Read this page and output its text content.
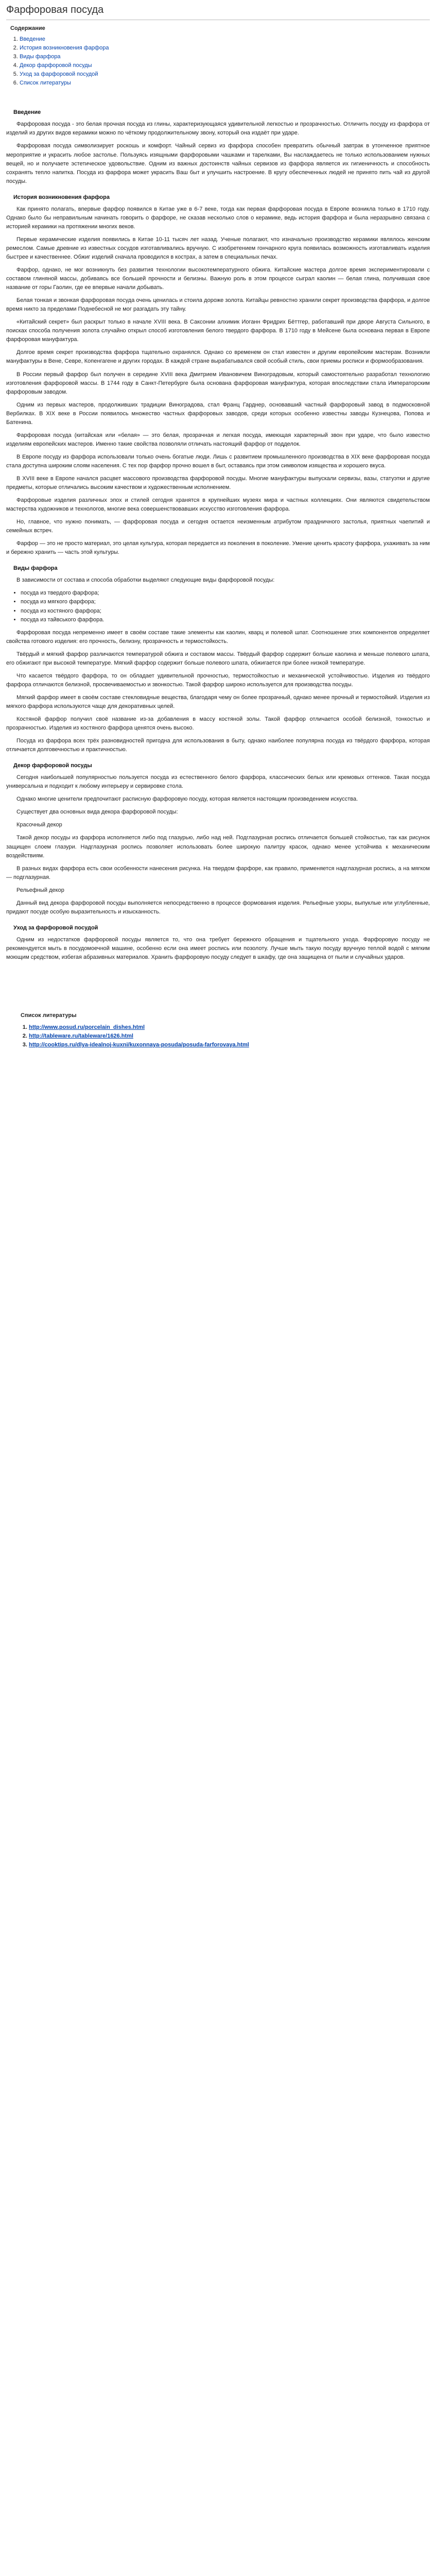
Фарфоровая посуда
Содержание
1. Введение
2. История возникновения фарфора
3. Виды фарфора
4. Декор фарфоровой посуды
5. Уход за фарфоровой посудой
6. Список литературы
Введение

Фарфоровая посуда - это белая прочная посуда из глины, характеризующаяся удивительной легкостью и прозрачностью. Отличить посуду из фарфора от изделий из других видов керамики можно по чёткому продолжительному звону, который она издаёт при ударе.

Фарфоровая посуда символизирует роскошь и комфорт. Чайный сервиз из фарфора способен превратить обычный завтрак в утонченное приятное мероприятие и украсить любое застолье. Пользуясь изящными фарфоровыми чашками и тарелками, Вы наслаждаетесь не только использованием нужных вещей, но и получаете эстетическое удовольствие. Одним из важных достоинств чайных сервизов из фарфора является их гигиеничность и способность сохранять тепло напитка. Посуда из фарфора может украсить Ваш быт и улучшить настроение. В кругу обеспеченных людей не принято пить чай из другой посуды.

История возникновения фарфора

Как принято полагать, впервые фарфор появился в Китае уже в 6-7 веке, тогда как первая фарфоровая посуда в Европе возникла только в 1710 году. Однако было бы неправильным начинать говорить о фарфоре, не сказав несколько слов о керамике, ведь история фарфора и была неразрывно связана с историей керамики на протяжении многих веков.

Первые керамические изделия появились в Китае 10-11 тысяч лет назад. Ученые полагают, что изначально производство керамики являлось женским ремеслом. Самые древние из известных сосудов изготавливались вручную. С изобретением гончарного круга появилась возможность изготавливать изделия быстрее и качественнее. Обжиг изделий сначала проводился в кострах, а затем в специальных печах.

Фарфор, однако, не мог возникнуть без развития технологии высокотемпературного обжига. Китайские мастера долгое время экспериментировали с составом глиняной массы, добиваясь все большей прочности и белизны. Важную роль в этом процессе сыграл каолин — белая глина, получившая свое название от горы Гаолин, где ее впервые начали добывать.

Белая тонкая и звонкая фарфоровая посуда очень ценилась и стоила дороже золота. Китайцы ревностно хранили секрет производства фарфора, и долгое время никто за пределами Поднебесной не мог разгадать эту тайну.

«Китайский секрет» был раскрыт только в начале XVIII века. В Саксонии алхимик Иоганн Фридрих Бёттгер, работавший при дворе Августа Сильного, в поисках способа получения золота случайно открыл способ изготовления белого твердого фарфора. В 1710 году в Мейсене была основана первая в Европе фарфоровая мануфактура.

Долгое время секрет производства фарфора тщательно охранялся. Однако со временем он стал известен и другим европейским мастерам. Возникли мануфактуры в Вене, Севре, Копенгагене и других городах. В каждой стране вырабатывался свой особый стиль, свои приемы росписи и формообразования.

В России первый фарфор был получен в середине XVIII века Дмитрием Ивановичем Виноградовым, который самостоятельно разработал технологию изготовления фарфоровой массы. В 1744 году в Санкт-Петербурге была основана фарфоровая мануфактура, которая впоследствии стала Императорским фарфоровым заводом.

Одним из первых мастеров, продолживших традиции Виноградова, стал Франц Гарднер, основавший частный фарфоровый завод в подмосковной Вербилках. В XIX веке в России появилось множество частных фарфоровых заводов, среди которых особенно известны заводы Кузнецова, Попова и Батенина.

Фарфоровая посуда (китайская или «белая» — это белая, прозрачная и легкая посуда, имеющая характерный звон при ударе, что было известно изделиям европейских мастеров. Именно такие свойства позволяли отличать настоящий фарфор от подделок.

В Европе посуду из фарфора использовали только очень богатые люди. Лишь с развитием промышленного производства в XIX веке фарфоровая посуда стала доступна широким слоям населения. С тех пор фарфор прочно вошел в быт, оставаясь при этом символом изящества и хорошего вкуса.

В XVIII веке в Европе начался расцвет массового производства фарфоровой посуды. Многие мануфактуры выпускали сервизы, вазы, статуэтки и другие предметы, которые отличались высоким качеством и художественным исполнением.

Фарфоровые изделия различных эпох и стилей сегодня хранятся в крупнейших музеях мира и частных коллекциях. Они являются свидетельством мастерства художников и технологов, многие века совершенствовавших искусство изготовления фарфора.

Но, главное, что нужно понимать, — фарфоровая посуда и сегодня остается неизменным атрибутом праздничного застолья, приятных чаепитий и семейных встреч.

Фарфор — это не просто материал, это целая культура, которая передается из поколения в поколение. Умение ценить красоту фарфора, ухаживать за ним и бережно хранить — часть этой культуры.

Виды фарфора

В зависимости от состава и способа обработки выделяют следующие виды фарфоровой посуды:

• посуда из твердого фарфора;
• посуда из мягкого фарфора;
• посуда из костяного фарфора;
• посуда из тайвського фарфора.

Фарфоровая посуда непременно имеет в своём составе такие элементы как каолин, кварц и полевой шпат. Соотношение этих компонентов определяет свойства готового изделия: его прочность, белизну, прозрачность и термостойкость.

Твёрдый и мягкий фарфор различаются температурой обжига и составом массы. Твёрдый фарфор содержит больше каолина и меньше полевого шпата, его обжигают при высокой температуре. Мягкий фарфор содержит больше полевого шпата, обжигается при более низкой температуре.

Что касается твёрдого фарфора, то он обладает удивительной прочностью, термостойкостью и механической устойчивостью. Изделия из твёрдого фарфора отличаются белизной, просвечиваемостью и звонкостью. Такой фарфор широко используется для производства посуды.

Мягкий фарфор имеет в своём составе стекловидные вещества, благодаря чему он более прозрачный, однако менее прочный и термостойкий. Изделия из мягкого фарфора используются чаще для декоративных целей.

Костяной фарфор получил своё название из-за добавления в массу костяной золы. Такой фарфор отличается особой белизной, тонкостью и прозрачностью. Изделия из костяного фарфора ценятся очень высоко.

Посуда из фарфора всех трёх разновидностей пригодна для использования в быту, однако наиболее популярна посуда из твёрдого фарфора, которая отличается долговечностью и практичностью.

Декор фарфоровой посуды

Сегодня наибольшей популярностью пользуется посуда из естественного белого фарфора, классических белых или кремовых оттенков. Такая посуда универсальна и подходит к любому интерьеру и сервировке стола.

Однако многие ценители предпочитают расписную фарфоровую посуду, которая является настоящим произведением искусства.

Существует два основных вида декора фарфоровой посуды:

Красочный декор

Такой декор посуды из фарфора исполняется либо под глазурью, либо над ней. Подглазурная роспись отличается большей стойкостью, так как рисунок защищен слоем глазури. Надглазурная роспись позволяет использовать более широкую палитру красок, однако менее устойчива к механическим воздействиям.

В разных видах фарфора есть свои особенности нанесения рисунка. На твердом фарфоре, как правило, применяется надглазурная роспись, а на мягком — подглазурная.

Рельефный декор

Данный вид декора фарфоровой посуды выполняется непосредственно в процессе формования изделия. Рельефные узоры, выпуклые или углубленные, придают посуде особую выразительность и изысканность.

Уход за фарфоровой посудой

Одним из недостатков фарфоровой посуды является то, что она требует бережного обращения и тщательного ухода. Фарфоровую посуду не рекомендуется мыть в посудомоечной машине, особенно если она имеет роспись или позолоту. Лучше мыть такую посуду вручную теплой водой с мягким моющим средством, избегая абразивных материалов. Хранить фарфоровую посуду следует в шкафу, где она защищена от пыли и случайных ударов.

Список литературы
1. http://www.posud.ru/porcelain_dishes.html
2. http://tableware.ru/tableware/1626.html
3. http://cooktips.ru/dlya-idealnoj-kuxni/kuxonnaya-posuda/posuda-farforovaya.html
